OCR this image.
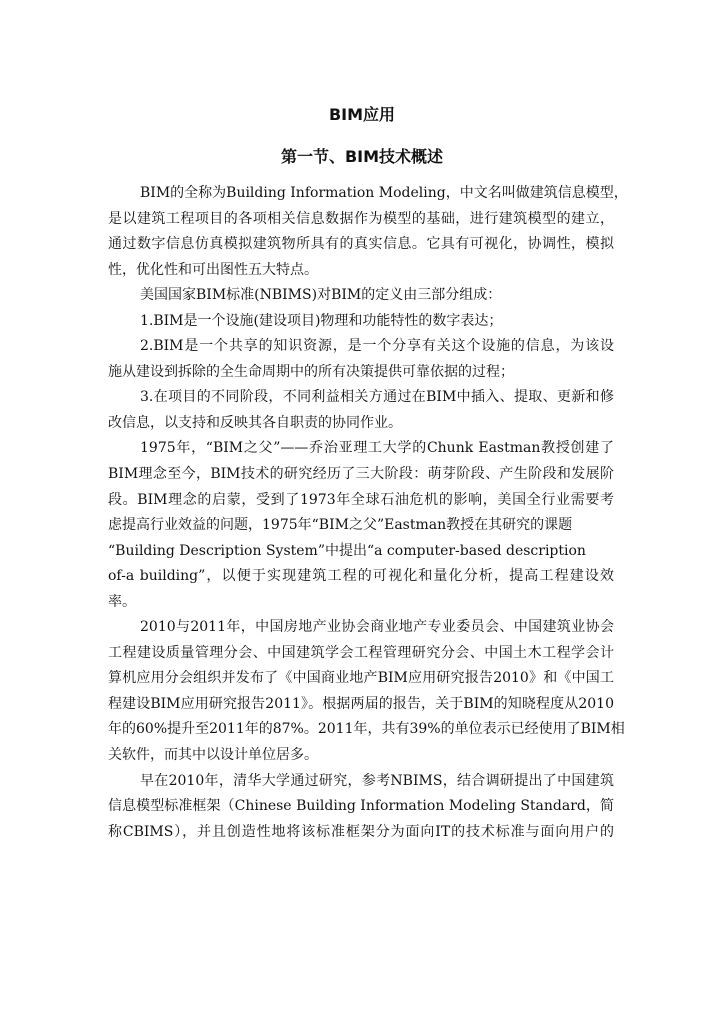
BIM应用
第一节、BIM技术概述
BIM的全称为Building Information Modeling，中文名叫做建筑信息模型，
是以建筑工程项目的各项相关信息数据作为模型的基础，进行建筑模型的建立，
通过数字信息仿真模拟建筑物所具有的真实信息。它具有可视化，协调性，模拟
性，优化性和可出图性五大特点。
美国国家BIM标准(NBIMS)对BIM的定义由三部分组成：
1.BIM是一个设施(建设项目)物理和功能特性的数字表达；
2.BIM是一个共享的知识资源，是一个分享有关这个设施的信息，为该设
施从建设到拆除的全生命周期中的所有决策提供可靠依据的过程；
3.在项目的不同阶段，不同利益相关方通过在BIM中插入、提取、更新和修
改信息，以支持和反映其各自职责的协同作业。
1975年，“BIM之父”——乔治亚理工大学的Chunk Eastman教授创建了
BIM理念至今，BIM技术的研究经历了三大阶段：萌芽阶段、产生阶段和发展阶
段。BIM理念的启蒙，受到了1973年全球石油危机的影响，美国全行业需要考
虑提高行业效益的问题，1975年“BIM之父”Eastman教授在其研究的课题
“Building Description System”中提出“a computer-based description
of-a building”，以便于实现建筑工程的可视化和量化分析，提高工程建设效
率。
2010与2011年，中国房地产业协会商业地产专业委员会、中国建筑业协会
工程建设质量管理分会、中国建筑学会工程管理研究分会、中国土木工程学会计
算机应用分会组织并发布了《中国商业地产BIM应用研究报告2010》和《中国工
程建设BIM应用研究报告2011》。根据两届的报告，关于BIM的知晓程度从2010
年的60%提升至2011年的87%。2011年，共有39%的单位表示已经使用了BIM相
关软件，而其中以设计单位居多。
早在2010年，清华大学通过研究，参考NBIMS，结合调研提出了中国建筑
信息模型标准框架（Chinese Building Information Modeling Standard，简
称CBIMS），并且创造性地将该标准框架分为面向IT的技术标准与面向用户的
